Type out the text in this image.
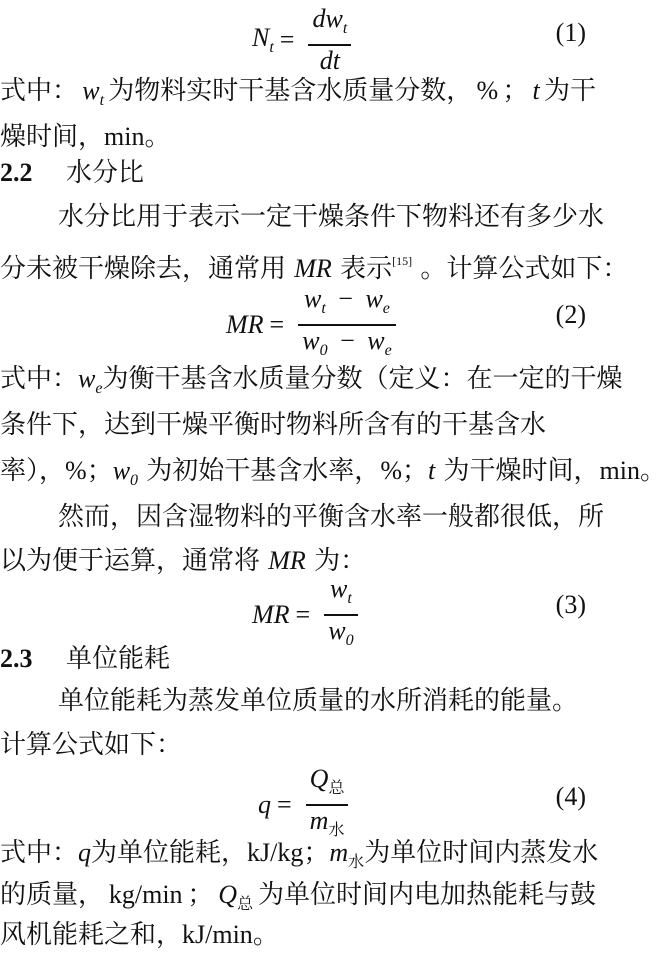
$N_t = \frac{dw_t}{dt}$	(1)
式中： wt 为物料实时干基含水质量分数， % ； t 为干
燥时间，min。
2.2 水分比
水分比用于表示一定干燥条件下物料还有多少水
分未被干燥除去，通常用 MR 表示[15] 。计算公式如下：
MR = $\frac{w_t - w_e}{w_0 - w_e}$	(2)
式中： we 为衡干基含水质量分数（定义：在一定的干燥
条件下，达到干燥平衡时物料所含有的干基含水
率），%；$w_0$ 为初始干基含水率，%；t 为干燥时间，min。
然而，因含湿物料的平衡含水率一般都很低，所
以为便于运算，通常将 MR 为：
MR = $\frac{w_t}{w_0}$	(3)
2.3 单位能耗
单位能耗为蒸发单位质量的水所消耗的能量。
计算公式如下：
$q = \frac{Q_总}{m_水}$	(4)
式中： q 为单位能耗， kJ/kg ； m水 为单位时间内蒸发水
的质量， kg/min ； Q总 为单位时间内电加热能耗与鼓
风机能耗之和，kJ/min。
